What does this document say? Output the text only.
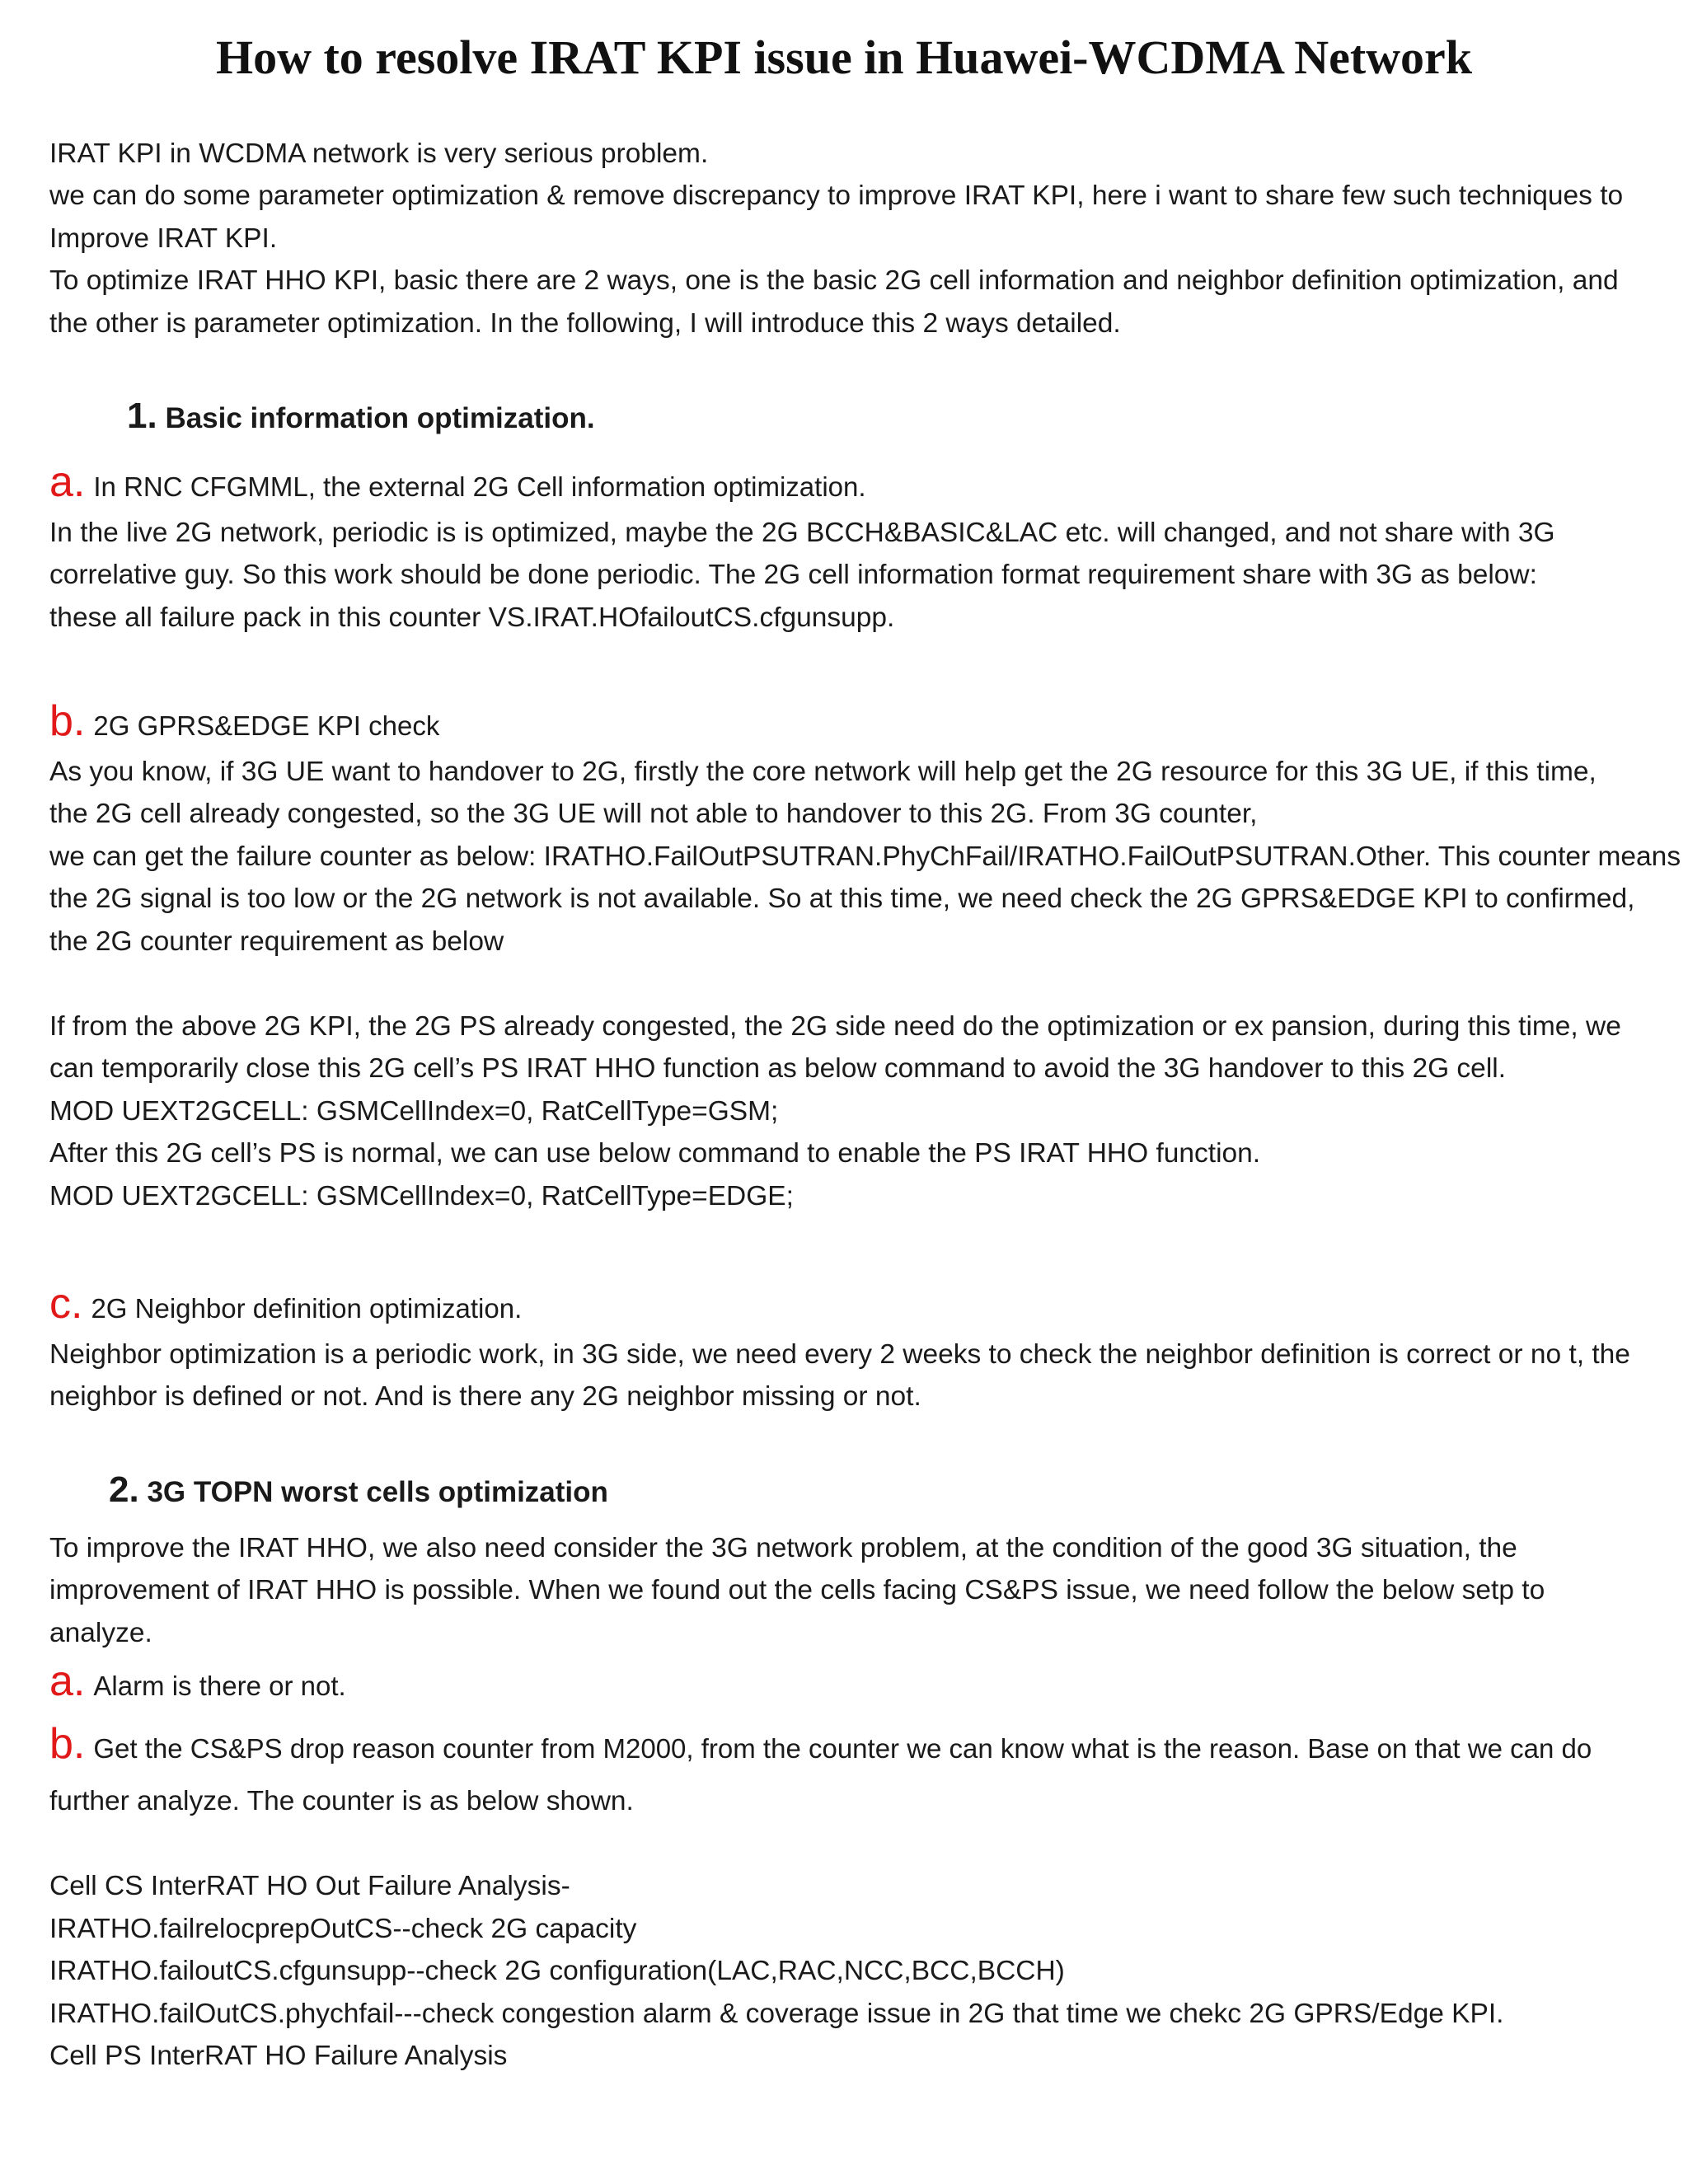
How to resolve IRAT KPI issue in Huawei-WCDMA Network

IRAT KPI in WCDMA network is very serious problem.

we can do some parameter optimization & remove discrepancy to improve IRAT KPI, here i want to share few such techniques to

Improve IRAT KPI.

To optimize IRAT HHO KPI, basic there are 2 ways, one is the basic 2G cell information and neighbor definition optimization, and

the other is parameter optimization. In the following, I will introduce this 2 ways detailed.

1. Basic information optimization.

a. In RNC CFGMML, the external 2G Cell information optimization.

In the live 2G network, periodic is is optimized, maybe the 2G BCCH&BASIC&LAC etc. will changed, and not share with 3G

correlative guy. So this work should be done periodic. The 2G cell information format requirement share with 3G as below:

these all failure pack in this counter VS.IRAT.HOfailoutCS.cfgunsupp.

b. 2G GPRS&EDGE KPI check

As you know, if 3G UE want to handover to 2G, firstly the core network will help get the 2G resource for this 3G UE, if this time,

the 2G cell already congested, so the 3G UE will not able to handover to this 2G. From 3G counter,

we can get the failure counter as below: IRATHO.FailOutPSUTRAN.PhyChFail/IRATHO.FailOutPSUTRAN.Other. This counter means

the 2G signal is too low or the 2G network is not available. So at this time, we need check the 2G GPRS&EDGE KPI to confirmed,

the 2G counter requirement as below

If from the above 2G KPI, the 2G PS already congested, the 2G side need do the optimization or ex pansion, during this time, we

can temporarily close this 2G cell’s PS IRAT HHO function as below command to avoid the 3G handover to this 2G cell.

MOD UEXT2GCELL: GSMCellIndex=0, RatCellType=GSM;

After this 2G cell’s PS is normal, we can use below command to enable the PS IRAT HHO function.

MOD UEXT2GCELL: GSMCellIndex=0, RatCellType=EDGE;

c. 2G Neighbor definition optimization.

Neighbor optimization is a periodic work, in 3G side, we need every 2 weeks to check the neighbor definition is correct or no t, the

neighbor is defined or not. And is there any 2G neighbor missing or not.

2. 3G TOPN worst cells optimization

To improve the IRAT HHO, we also need consider the 3G network problem, at the condition of the good 3G situation, the

improvement of IRAT HHO is possible. When we found out the cells facing CS&PS issue, we need follow the below setp to

analyze.

a. Alarm is there or not.

b. Get the CS&PS drop reason counter from M2000, from the counter we can know what is the reason. Base on that we can do

further analyze. The counter is as below shown.

Cell CS InterRAT HO Out Failure Analysis-

IRATHO.failrelocprepOutCS--check 2G capacity

IRATHO.failoutCS.cfgunsupp--check 2G configuration(LAC,RAC,NCC,BCC,BCCH)

IRATHO.failOutCS.phychfail---check congestion alarm & coverage issue in 2G that time we chekc 2G GPRS/Edge KPI.

Cell PS InterRAT HO Failure Analysis
